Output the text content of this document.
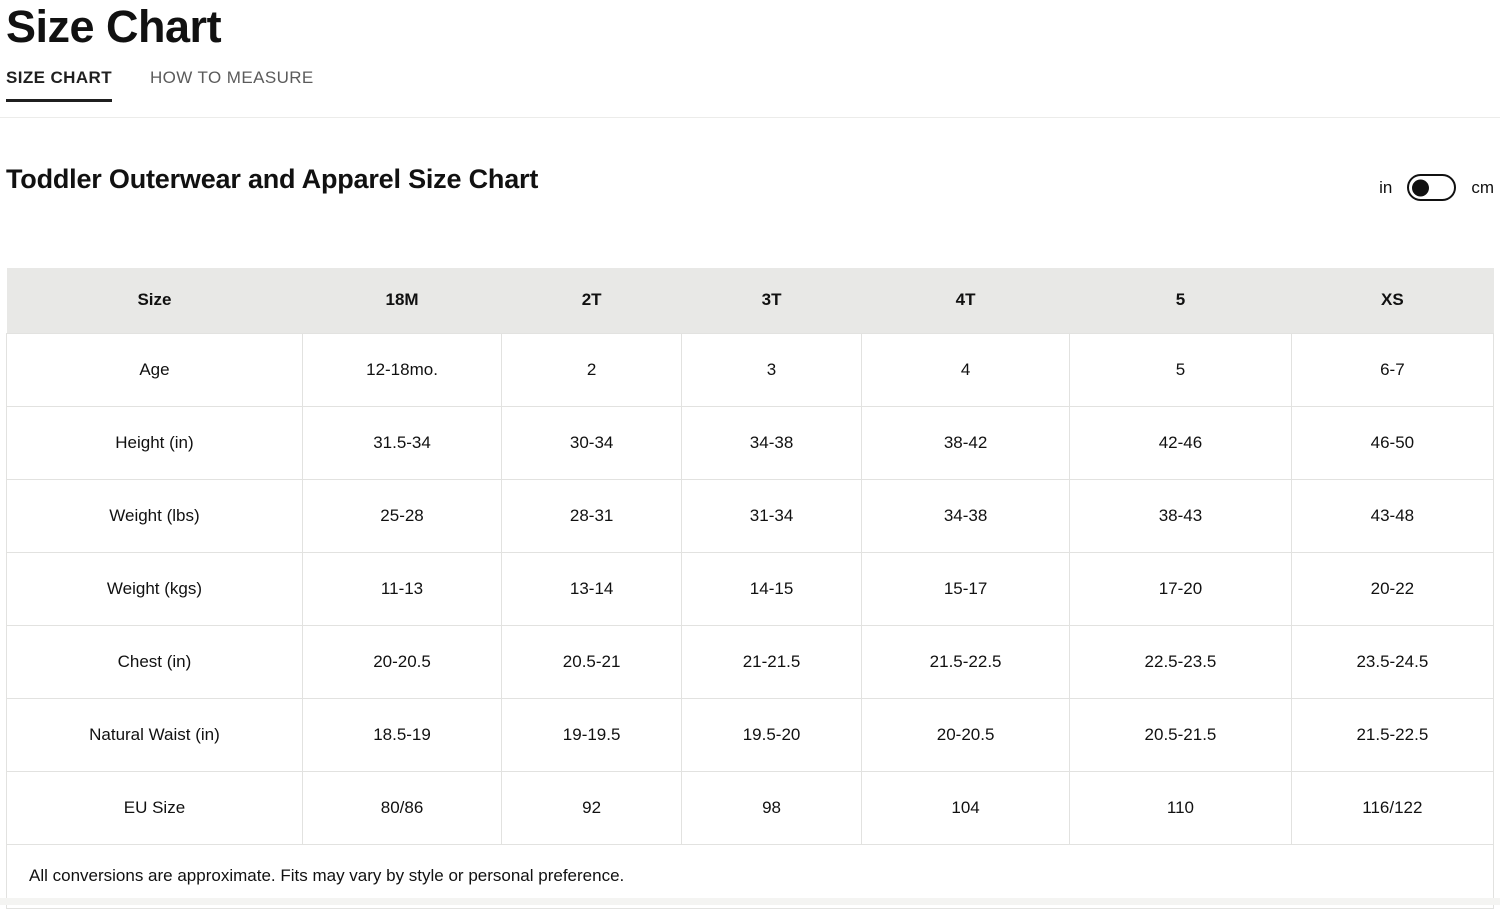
Size Chart
SIZE CHART HOW TO MEASURE
Toddler Outerwear and Apparel Size Chart	in	cm
Size	18M	2T	3T	4T	5	XS
Age	12-18mo.	2	3	4	5	6-7
Height (in)	31.5-34	30-34	34-38	38-42	42-46	46-50
Weight (lbs)	25-28	28-31	31-34	34-38	38-43	43-48
Weight (kgs)	11-13	13-14	14-15	15-17	17-20	20-22
Chest (in)	20-20.5	20.5-21	21-21.5	21.5-22.5	22.5-23.5	23.5-24.5
Natural Waist (in)	18.5-19	19-19.5	19.5-20	20-20.5	20.5-21.5	21.5-22.5
EU Size	80/86	92	98	104	110	116/122
All conversions are approximate. Fits may vary by style or personal preference.						
